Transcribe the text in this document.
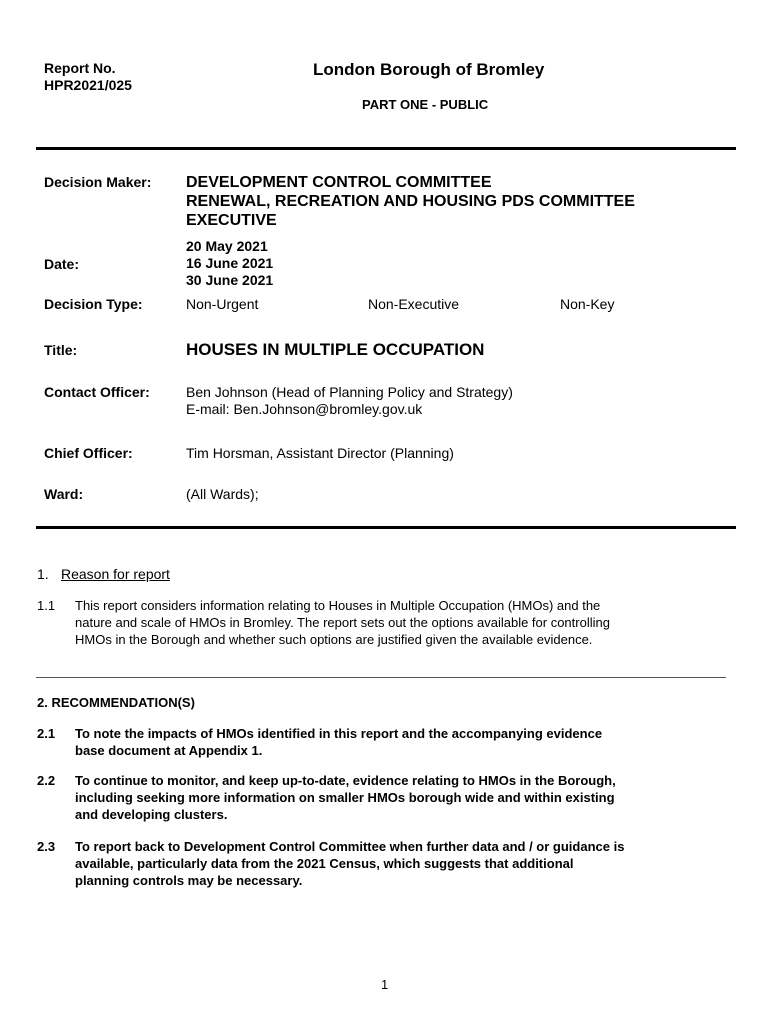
Report No.
HPR2021/025
London Borough of Bromley
PART ONE - PUBLIC
Decision Maker: DEVELOPMENT CONTROL COMMITTEE
RENEWAL, RECREATION AND HOUSING PDS COMMITTEE
EXECUTIVE
Date:
20 May 2021
16 June 2021
30 June 2021
Decision Type:	Non-Urgent	Non-Executive	Non-Key
Title:	HOUSES IN MULTIPLE OCCUPATION
Contact Officer:	Ben Johnson (Head of Planning Policy and Strategy)
E-mail: Ben.Johnson@bromley.gov.uk
Chief Officer:	Tim Horsman, Assistant Director (Planning)
Ward:	(All Wards);
1. Reason for report
1.1 This report considers information relating to Houses in Multiple Occupation (HMOs) and the
nature and scale of HMOs in Bromley. The report sets out the options available for controlling
HMOs in the Borough and whether such options are justified given the available evidence.
2. RECOMMENDATION(S)
2.1 To note the impacts of HMOs identified in this report and the accompanying evidence
base document at Appendix 1.
2.2 To continue to monitor, and keep up-to-date, evidence relating to HMOs in the Borough,
including seeking more information on smaller HMOs borough wide and within existing
and developing clusters.
2.3 To report back to Development Control Committee when further data and / or guidance is
available, particularly data from the 2021 Census, which suggests that additional
planning controls may be necessary.
1
